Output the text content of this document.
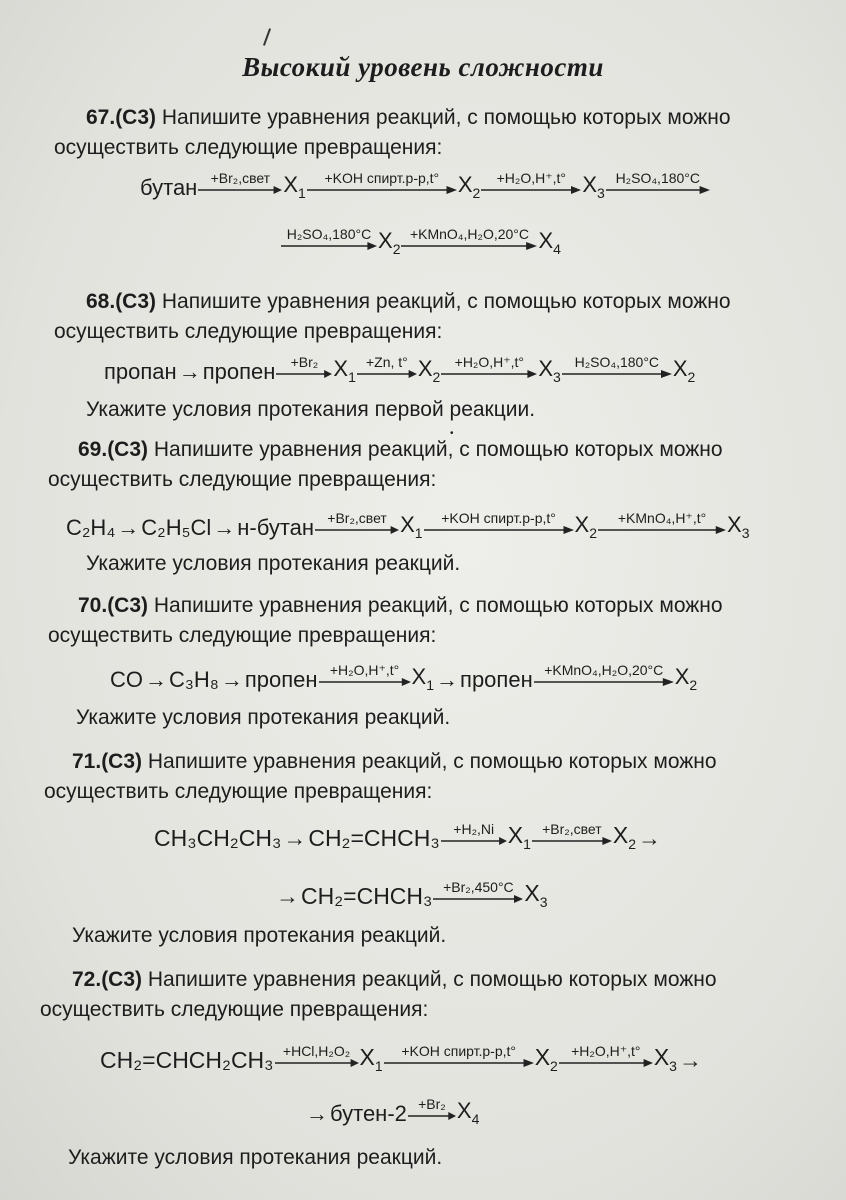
Высокий уровень сложности
67.(С3) Напишите уравнения реакций, с помощью которых можно
осуществить следующие превращения:
бутан +Br₂,свет $X_1$
+KOH спирт.р-р,t° $X_2$
+H₂O,H⁺,t° $X_3$
H₂SO₄,180°C
H₂SO₄,180°C $X_2$
+KMnO₄,H₂O,20°C $X_4$
68.(С3) Напишите уравнения реакций, с помощью которых можно
осуществить следующие превращения:
пропан → пропен +Br₂ $X_1$
+Zn, t° $X_2$
+H₂O,H⁺,t° $X_3$
H₂SO₄,180°C $X_2$
Укажите условия протекания первой реакции.
•
69.(С3) Напишите уравнения реакций, с помощью которых можно
осуществить следующие превращения:
C₂H₄ → C₂H₅Cl → н-бутан +Br₂,свет $X_1$
+KOH спирт.р-р,t° $X_2$
+KMnO₄,H⁺,t° $X_3$
Укажите условия протекания реакций.
70.(С3) Напишите уравнения реакций, с помощью которых можно
осуществить следующие превращения:
CO → C₃H₈ → пропен +H₂O,H⁺,t° $X_1$ → пропен +KMnO₄,H₂O,20°C $X_2$
Укажите условия протекания реакций.
71.(С3) Напишите уравнения реакций, с помощью которых можно
осуществить следующие превращения:
CH₃CH₂CH₃ → CH₂=CHCH₃ +H₂,Ni $X_1$
+Br₂,свет $X_2$ →
→ CH₂=CHCH₃ +Br₂,450°C $X_3$
Укажите условия протекания реакций.
72.(С3) Напишите уравнения реакций, с помощью которых можно
осуществить следующие превращения:
CH₂=CHCH₂CH₃ +HCl,H₂O₂ $X_1$
+KOH спирт.р-р,t° $X_2$
+H₂O,H⁺,t° $X_3$ →
→ бутен-2 +Br₂ $X_4$
Укажите условия протекания реакций.
